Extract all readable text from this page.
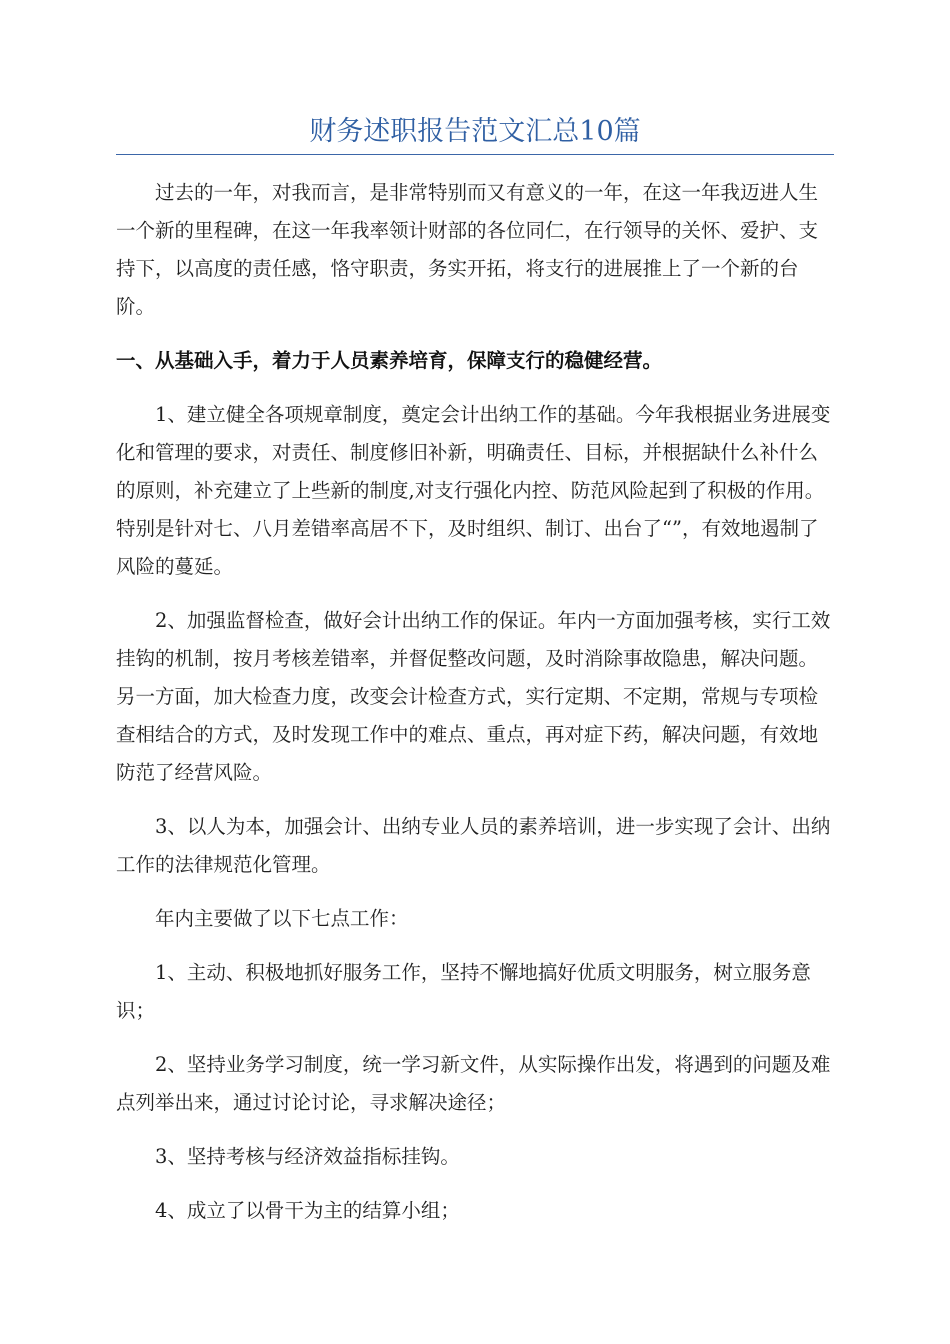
财务述职报告范文汇总10篇

过去的一年，对我而言，是非常特别而又有意义的一年，在这一年我迈进人生一个新的里程碑，在这一年我率领计财部的各位同仁，在行领导的关怀、爱护、支持下，以高度的责任感，恪守职责，务实开拓，将支行的进展推上了一个新的台阶。

一、从基础入手，着力于人员素养培育，保障支行的稳健经营。

1、建立健全各项规章制度，奠定会计出纳工作的基础。今年我根据业务进展变化和管理的要求，对责任、制度修旧补新，明确责任、目标，并根据缺什么补什么的原则，补充建立了上些新的制度,对支行强化内控、防范风险起到了积极的作用。特别是针对七、八月差错率高居不下，及时组织、制订、出台了“”，有效地遏制了风险的蔓延。

2、加强监督检查，做好会计出纳工作的保证。年内一方面加强考核，实行工效挂钩的机制，按月考核差错率，并督促整改问题，及时消除事故隐患，解决问题。另一方面，加大检查力度，改变会计检查方式，实行定期、不定期，常规与专项检查相结合的方式，及时发现工作中的难点、重点，再对症下药，解决问题，有效地防范了经营风险。

3、以人为本，加强会计、出纳专业人员的素养培训，进一步实现了会计、出纳工作的法律规范化管理。

年内主要做了以下七点工作：

1、主动、积极地抓好服务工作，坚持不懈地搞好优质文明服务，树立服务意识；

2、坚持业务学习制度，统一学习新文件，从实际操作出发，将遇到的问题及难点列举出来，通过讨论讨论，寻求解决途径；

3、坚持考核与经济效益指标挂钩。

4、成立了以骨干为主的结算小组；
